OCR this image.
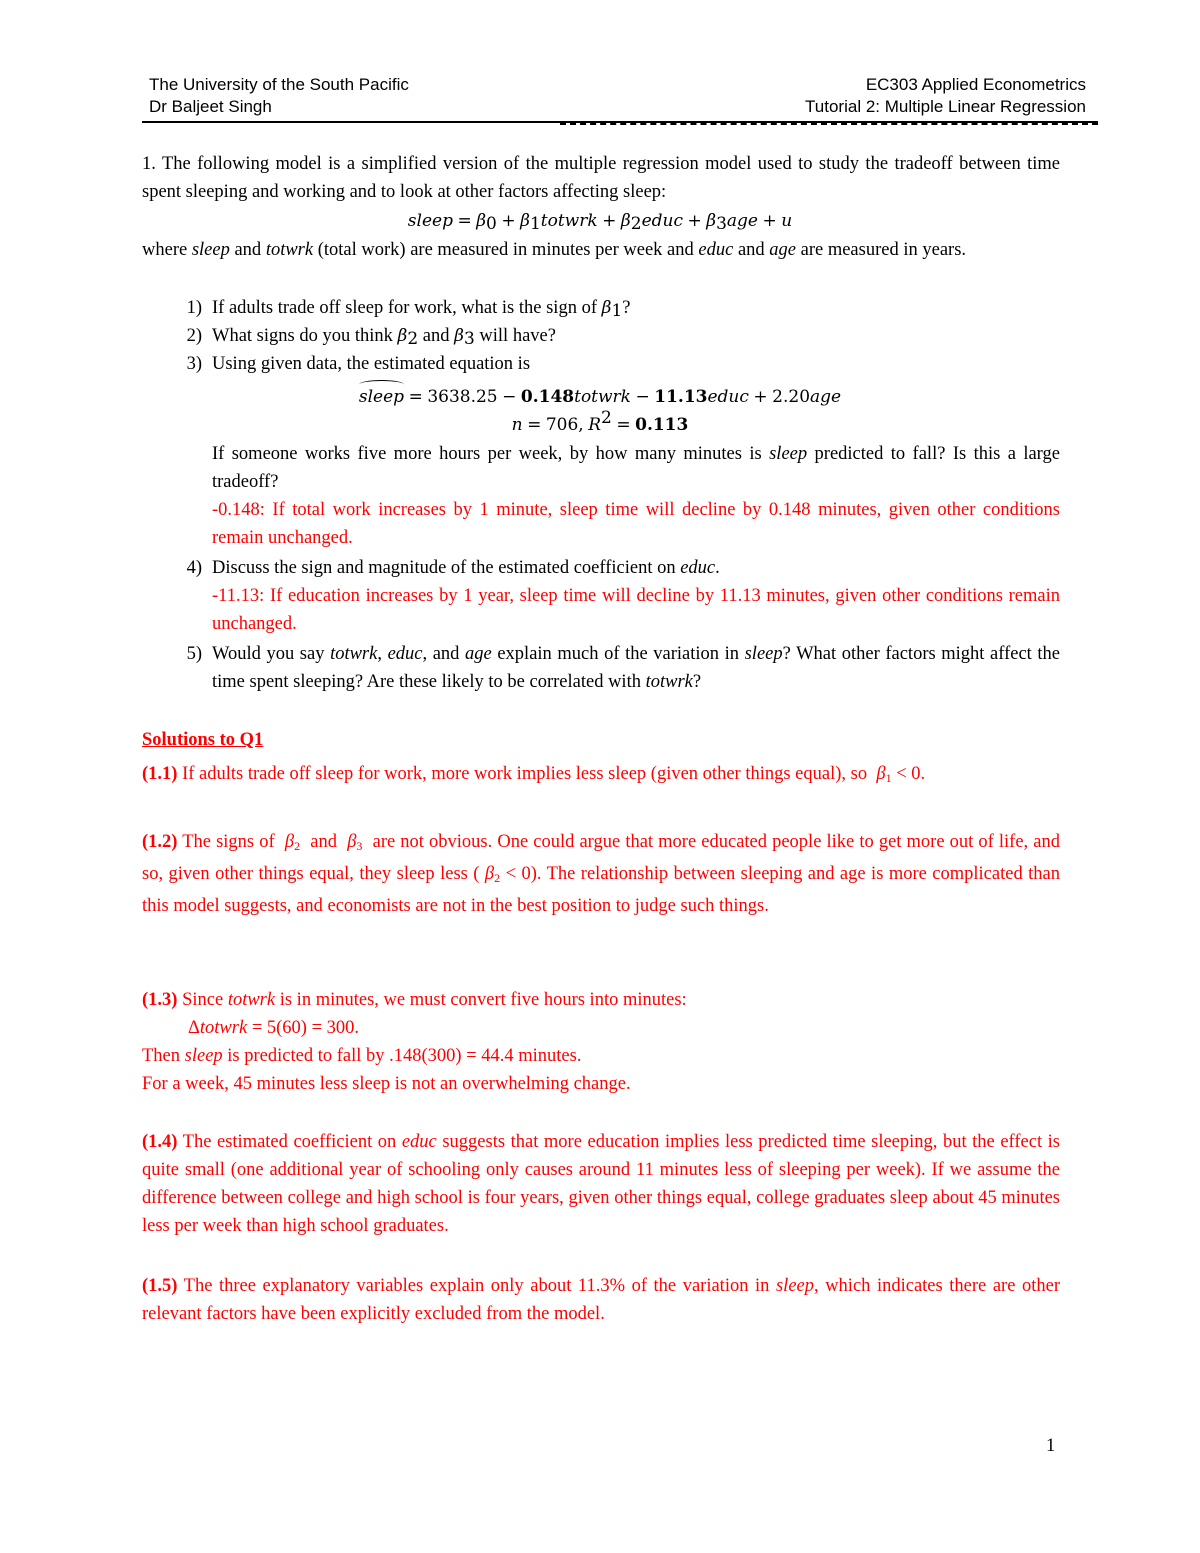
The University of the South Pacific
Dr Baljeet Singh
EC303 Applied Econometrics
Tutorial 2: Multiple Linear Regression
1. The following model is a simplified version of the multiple regression model used to study the tradeoff between time spent sleeping and working and to look at other factors affecting sleep:
sleep = $\beta_0$ + $\beta_1totwrk$ + $\beta_2educ + \beta_3age + u$
where sleep and totwrk (total work) are measured in minutes per week and educ and age are measured in years.
1) If adults trade off sleep for work, what is the sign of $\beta_1$?
2) What signs do you think $\beta_2$ and $\beta_3$ will have?
3) Using given data, the estimated equation is
sleep = 3638.25 − 0.148totwrk − 11.13educ + 2.20age
n = 706, $R^2 = 0.113$
If someone works five more hours per week, by how many minutes is sleep predicted to fall? Is this a large tradeoff?
-0.148: If total work increases by 1 minute, sleep time will decline by 0.148 minutes, given other conditions remain unchanged.
4) Discuss the sign and magnitude of the estimated coefficient on educ.
-11.13: If education increases by 1 year, sleep time will decline by 11.13 minutes, given other conditions remain unchanged.
5) Would you say totwrk, educ, and age explain much of the variation in sleep? What other factors might affect the time spent sleeping? Are these likely to be correlated with totwrk?
Solutions to Q1
(1.1) If adults trade off sleep for work, more work implies less sleep (given other things equal), so  $\beta_1 < 0$.
(1.2) The signs of  $\beta_2$  and  $\beta_3$  are not obvious. One could argue that more educated people like to get more out of life, and so, given other things equal, they sleep less ( $\beta_2 < 0$). The relationship between sleeping and age is more complicated than this model suggests, and economists are not in the best position to judge such things.
(1.3) Since totwrk is in minutes, we must convert five hours into minutes:
Δtotwrk = 5(60) = 300.
Then sleep is predicted to fall by .148(300) = 44.4 minutes.
For a week, 45 minutes less sleep is not an overwhelming change.
(1.4) The estimated coefficient on educ suggests that more education implies less predicted time sleeping, but the effect is quite small (one additional year of schooling only causes around 11 minutes less of sleeping per week). If we assume the difference between college and high school is four years, given other things equal, college graduates sleep about 45 minutes less per week than high school graduates.
(1.5) The three explanatory variables explain only about 11.3% of the variation in sleep, which indicates there are other relevant factors have been explicitly excluded from the model.
1
